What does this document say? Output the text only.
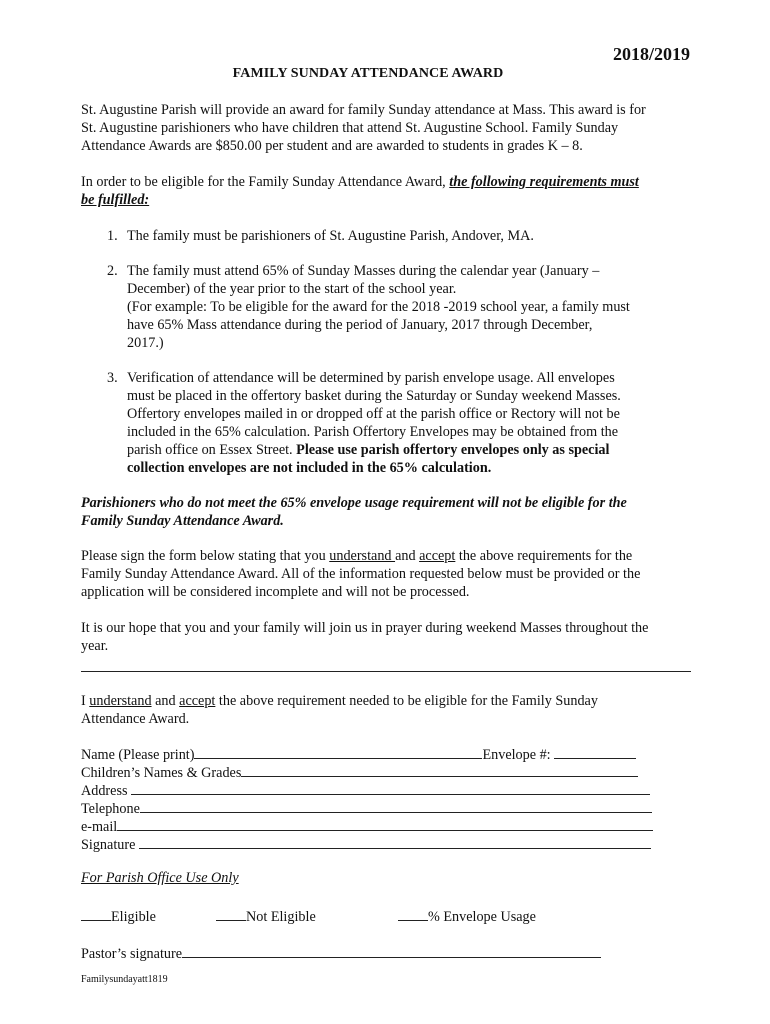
2018/2019
FAMILY SUNDAY ATTENDANCE AWARD
St. Augustine Parish will provide an award for family Sunday attendance at Mass. This award is for
St. Augustine parishioners who have children that attend St. Augustine School. Family Sunday
Attendance Awards are $850.00 per student and are awarded to students in grades K – 8.
In order to be eligible for the Family Sunday Attendance Award, the following requirements must
be fulfilled:
1. The family must be parishioners of St. Augustine Parish, Andover, MA.
2. The family must attend 65% of Sunday Masses during the calendar year (January –
December) of the year prior to the start of the school year.
(For example: To be eligible for the award for the 2018 -2019 school year, a family must
have 65% Mass attendance during the period of January, 2017 through December,
2017.)
3. Verification of attendance will be determined by parish envelope usage. All envelopes
must be placed in the offertory basket during the Saturday or Sunday weekend Masses.
Offertory envelopes mailed in or dropped off at the parish office or Rectory will not be
included in the 65% calculation. Parish Offertory Envelopes may be obtained from the
parish office on Essex Street. Please use parish offertory envelopes only as special
collection envelopes are not included in the 65% calculation.
Parishioners who do not meet the 65% envelope usage requirement will not be eligible for the
Family Sunday Attendance Award.
Please sign the form below stating that you understand and accept the above requirements for the
Family Sunday Attendance Award. All of the information requested below must be provided or the
application will be considered incomplete and will not be processed.
It is our hope that you and your family will join us in prayer during weekend Masses throughout the
year.
I understand and accept the above requirement needed to be eligible for the Family Sunday
Attendance Award.
Name (Please print)	Envelope #:
Children’s Names & Grades
Address
Telephone
e-mail
Signature
For Parish Office Use Only
Eligible	Not Eligible	% Envelope Usage
Pastor’s signature
Familysundayatt1819
